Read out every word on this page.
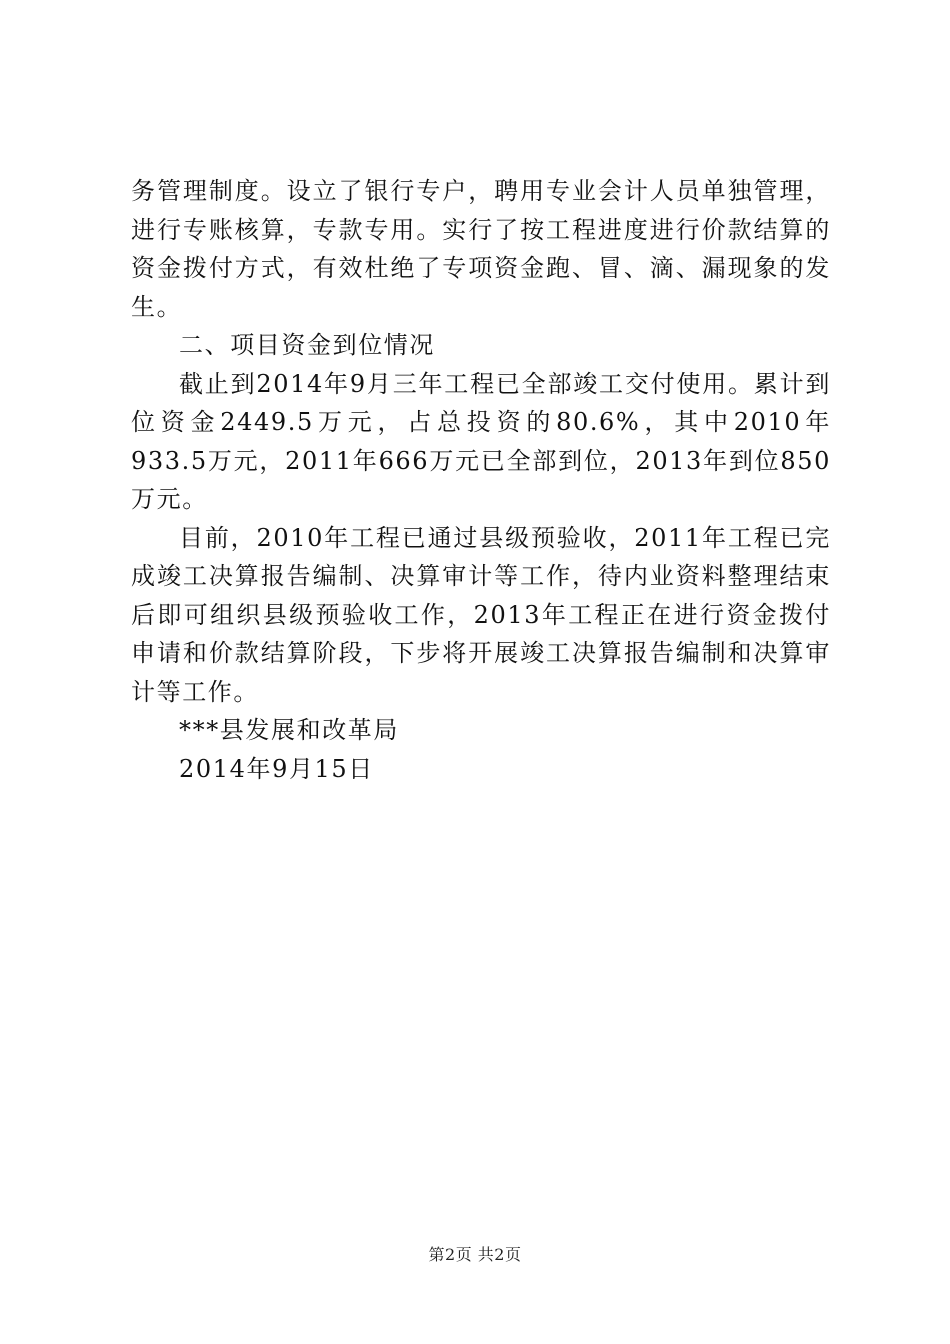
务管理制度。设立了银行专户，聘用专业会计人员单独管理，进行专账核算，专款专用。实行了按工程进度进行价款结算的资金拨付方式，有效杜绝了专项资金跑、冒、滴、漏现象的发生。

二、项目资金到位情况

截止到2014年9月三年工程已全部竣工交付使用。累计到位资金2449.5万元，占总投资的80.6%，其中2010年933.5万元，2011年666万元已全部到位，2013年到位850万元。

目前，2010年工程已通过县级预验收，2011年工程已完成竣工决算报告编制、决算审计等工作，待内业资料整理结束后即可组织县级预验收工作，2013年工程正在进行资金拨付申请和价款结算阶段，下步将开展竣工决算报告编制和决算审计等工作。

***县发展和改革局

2014年9月15日

第2页 共2页
